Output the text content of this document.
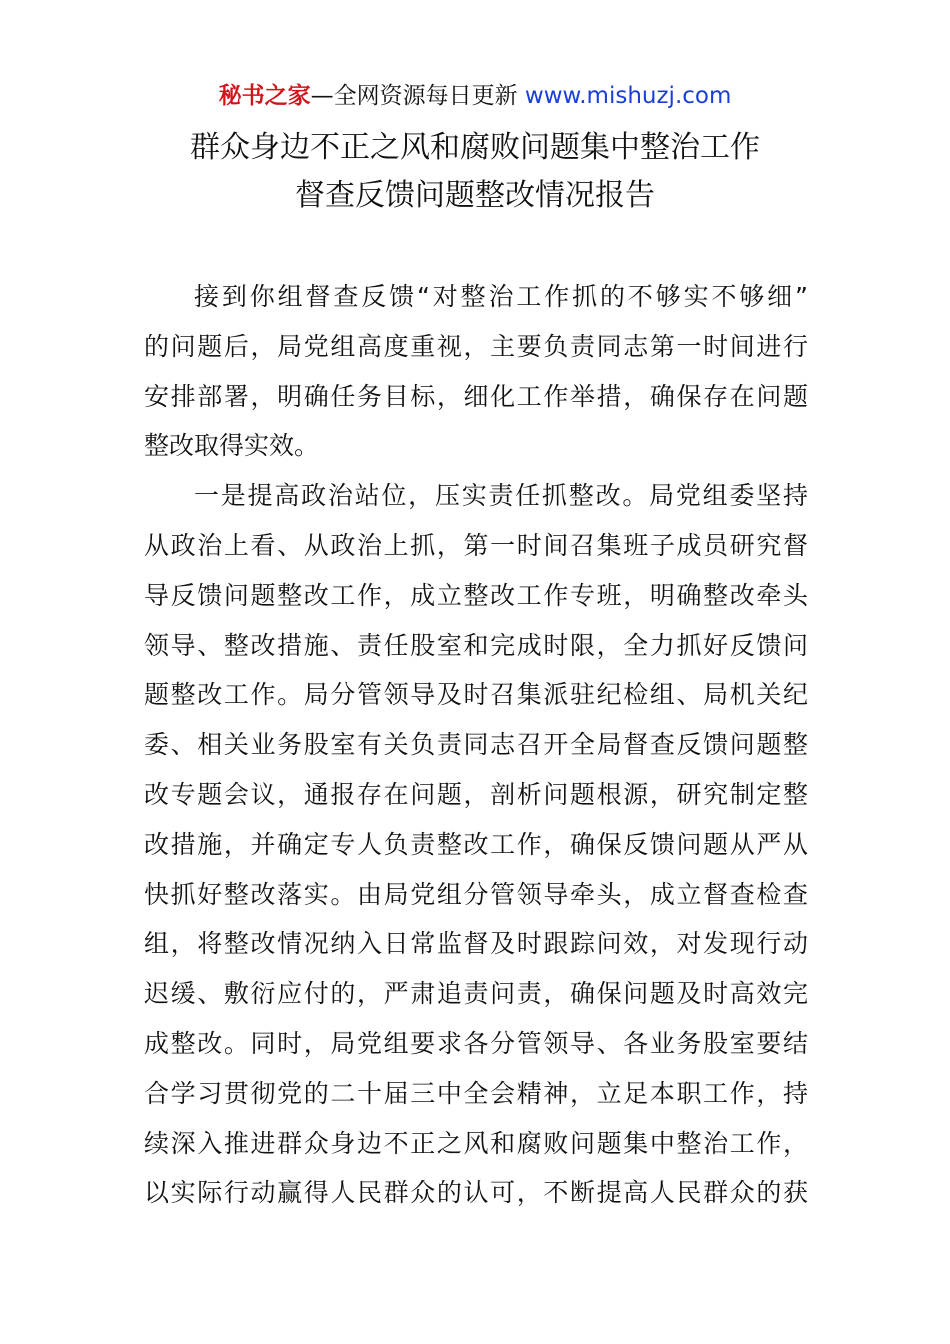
秘书之家—全网资源每日更新 www.mishuzj.com
群众身边不正之风和腐败问题集中整治工作
督查反馈问题整改情况报告
接到你组督查反馈“对整治工作抓的不够实不够细”
的问题后，局党组高度重视，主要负责同志第一时间进行
安排部署，明确任务目标，细化工作举措，确保存在问题
整改取得实效。
一是提高政治站位，压实责任抓整改。局党组委坚持
从政治上看、从政治上抓，第一时间召集班子成员研究督
导反馈问题整改工作，成立整改工作专班，明确整改牵头
领导、整改措施、责任股室和完成时限，全力抓好反馈问
题整改工作。局分管领导及时召集派驻纪检组、局机关纪
委、相关业务股室有关负责同志召开全局督查反馈问题整
改专题会议，通报存在问题，剖析问题根源，研究制定整
改措施，并确定专人负责整改工作，确保反馈问题从严从
快抓好整改落实。由局党组分管领导牵头，成立督查检查
组，将整改情况纳入日常监督及时跟踪问效，对发现行动
迟缓、敷衍应付的，严肃追责问责，确保问题及时高效完
成整改。同时，局党组要求各分管领导、各业务股室要结
合学习贯彻党的二十届三中全会精神，立足本职工作，持
续深入推进群众身边不正之风和腐败问题集中整治工作，
以实际行动赢得人民群众的认可，不断提高人民群众的获
